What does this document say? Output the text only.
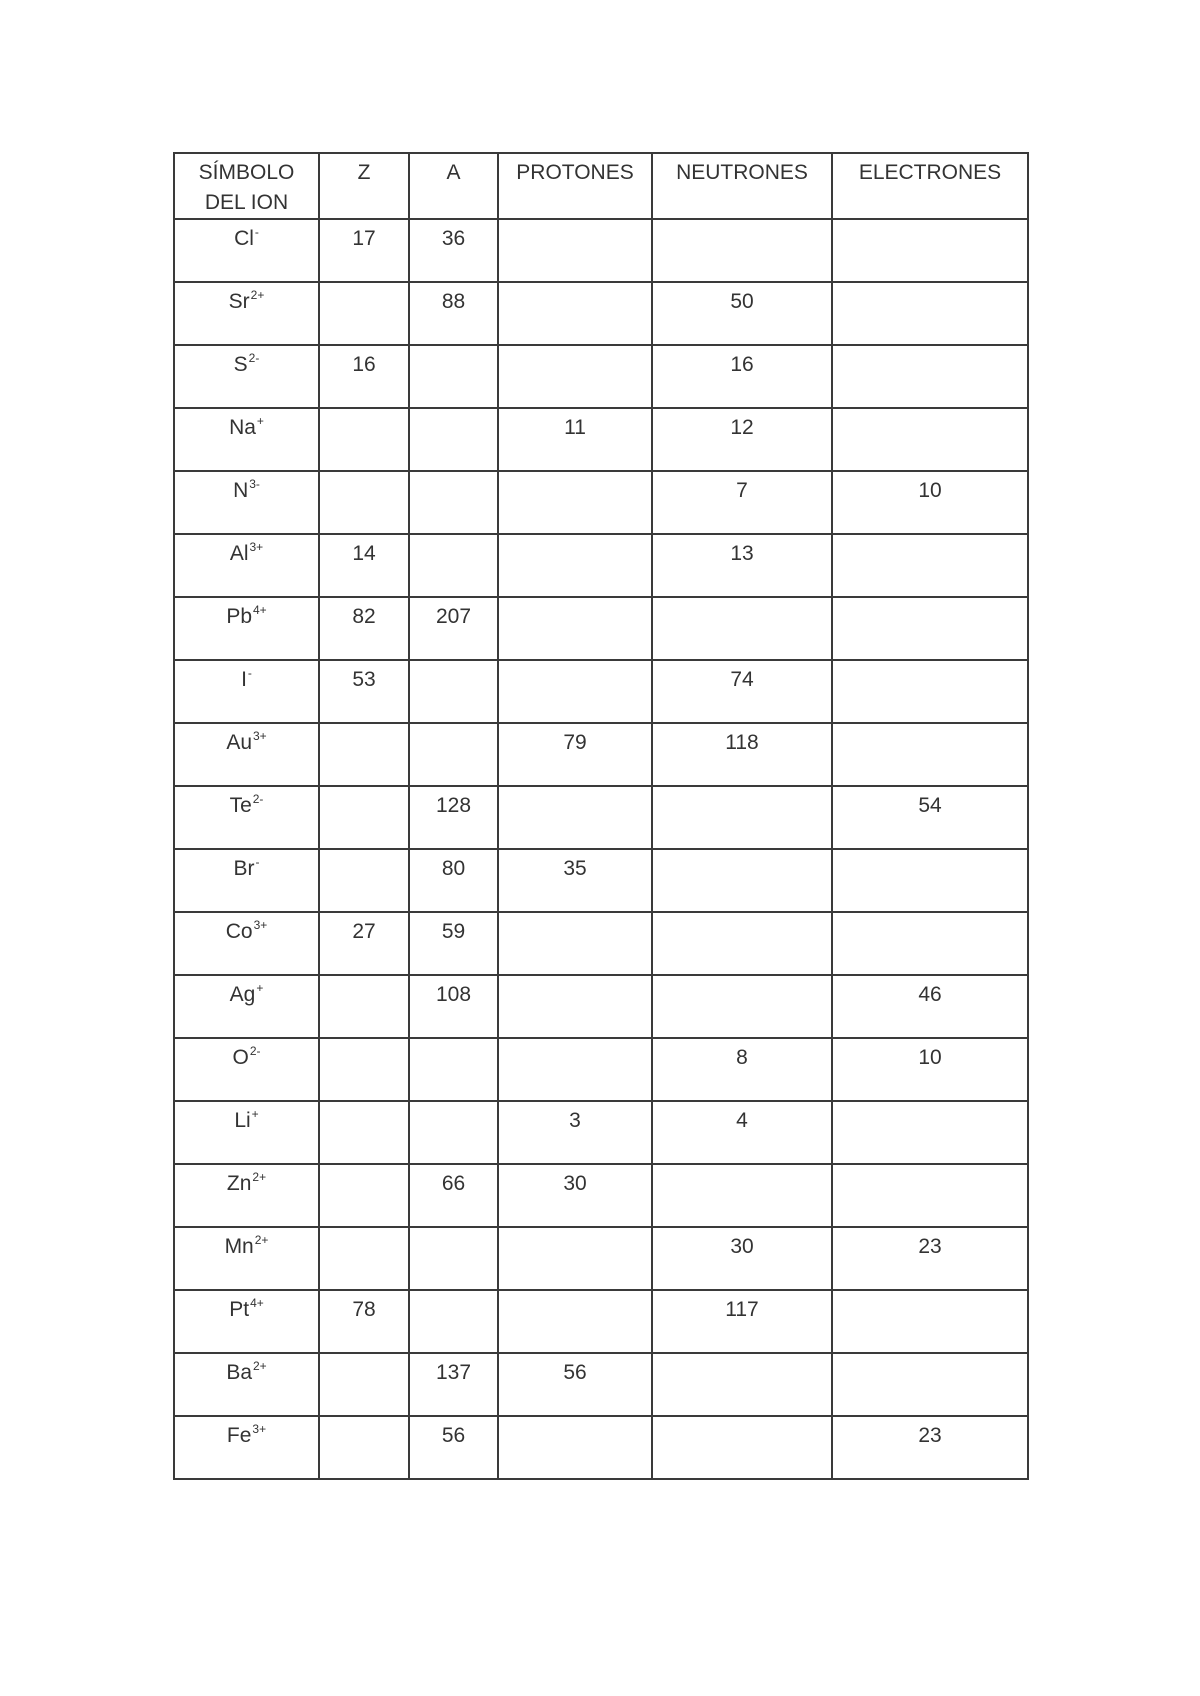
SÍMBOLO
DEL ION	Z	A	PROTONES	NEUTRONES	ELECTRONES
Cl-	17	36			
$Sr^{2+}$		88		50	
$S^{2-}$	16			16	
Na+			11	12	
$N^{3-}$				7	10
$Al^{3+}$	14			13	
$Pb^{4+}$	82	207			
I-	53			74	
$Au^{3+}$			79	118	
$Te^{2-}$		128			54
Br-		80	35		
$Co^{3+}$	27	59			
Ag+		108			46
$O^{2-}$				8	10
Li+			3	4	
$Zn^{2+}$		66	30		
$Mn^{2+}$				30	23
$Pt^{4+}$	78			117	
$Ba^{2+}$		137	56		
$Fe^{3+}$		56			23
